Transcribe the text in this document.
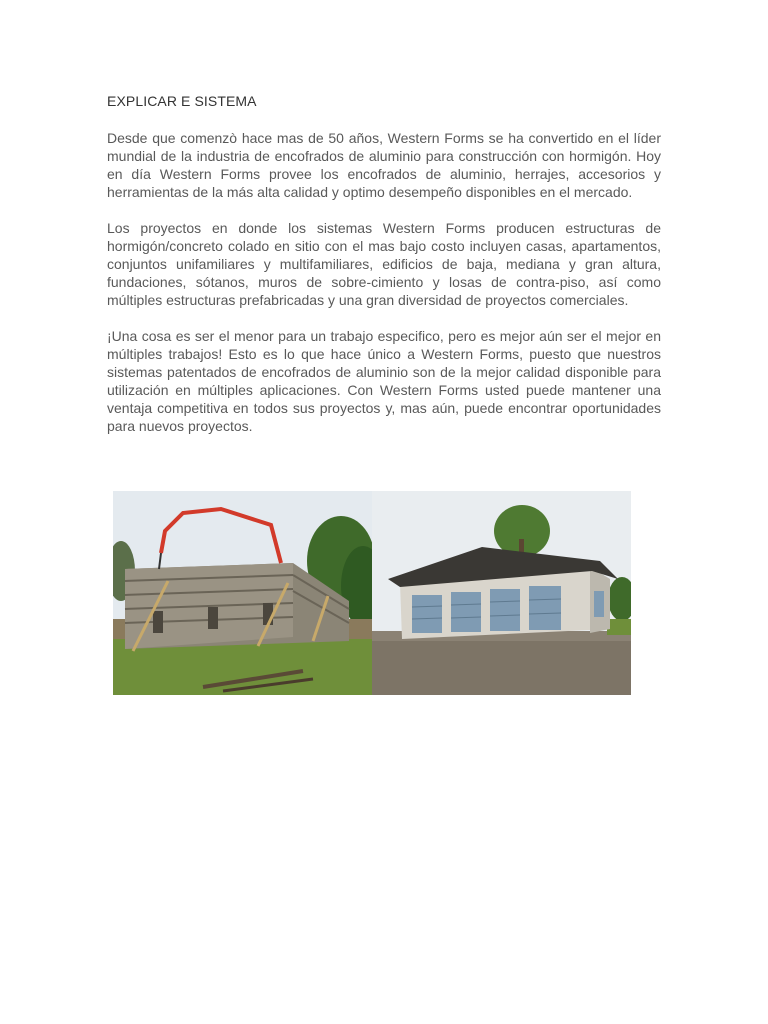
EXPLICAR E SISTEMA

Desde que comenzò hace mas de 50 años, Western Forms se ha convertido en el líder mundial de la industria de encofrados de aluminio para construcción con hormigón. Hoy en día Western Forms provee los encofrados de aluminio, herrajes, accesorios y herramientas de la más alta calidad y optimo desempeño disponibles en el mercado.

Los proyectos en donde los sistemas Western Forms producen estructuras de hormigón/concreto colado en sitio con el mas bajo costo incluyen casas, apartamentos, conjuntos unifamiliares y multifamiliares, edificios de baja, mediana y gran altura, fundaciones, sótanos, muros de sobre-cimiento y losas de contra-piso, así como múltiples estructuras prefabricadas y una gran diversidad de proyectos comerciales.

¡Una cosa es ser el menor para un trabajo especifico, pero es mejor aún ser el mejor en múltiples trabajos! Esto es lo que hace único a Western Forms, puesto que nuestros sistemas patentados de encofrados de aluminio son de la mejor calidad disponible para utilización en múltiples aplicaciones. Con Western Forms usted puede mantener una ventaja competitiva en todos sus proyectos y, mas aún, puede encontrar oportunidades para nuevos proyectos.
